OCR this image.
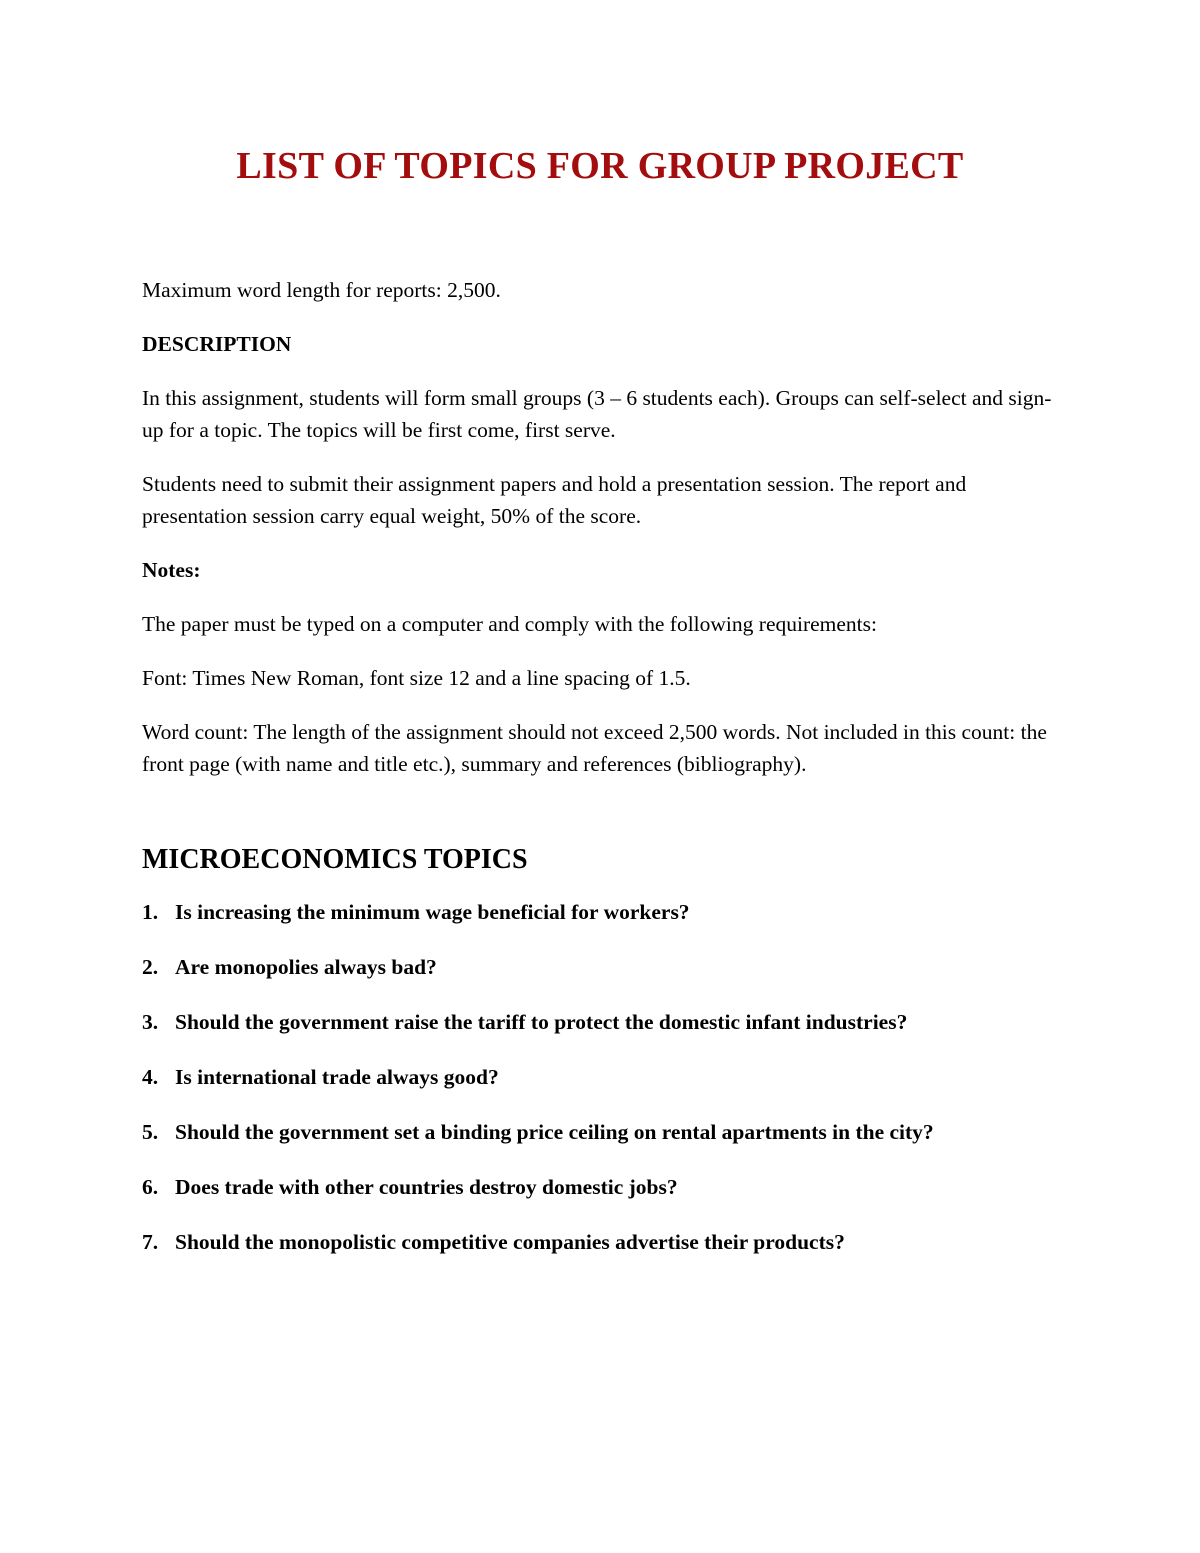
LIST OF TOPICS FOR GROUP PROJECT

Maximum word length for reports: 2,500.

DESCRIPTION

In this assignment, students will form small groups (3 – 6 students each). Groups can self-select and sign-up for a topic. The topics will be first come, first serve.

Students need to submit their assignment papers and hold a presentation session. The report and presentation session carry equal weight, 50% of the score.

Notes:

The paper must be typed on a computer and comply with the following requirements:

Font: Times New Roman, font size 12 and a line spacing of 1.5.

Word count: The length of the assignment should not exceed 2,500 words. Not included in this count: the front page (with name and title etc.), summary and references (bibliography).

MICROECONOMICS TOPICS
1. Is increasing the minimum wage beneficial for workers?
2. Are monopolies always bad?
3. Should the government raise the tariff to protect the domestic infant industries?
4. Is international trade always good?
5. Should the government set a binding price ceiling on rental apartments in the city?
6. Does trade with other countries destroy domestic jobs?
7. Should the monopolistic competitive companies advertise their products?
